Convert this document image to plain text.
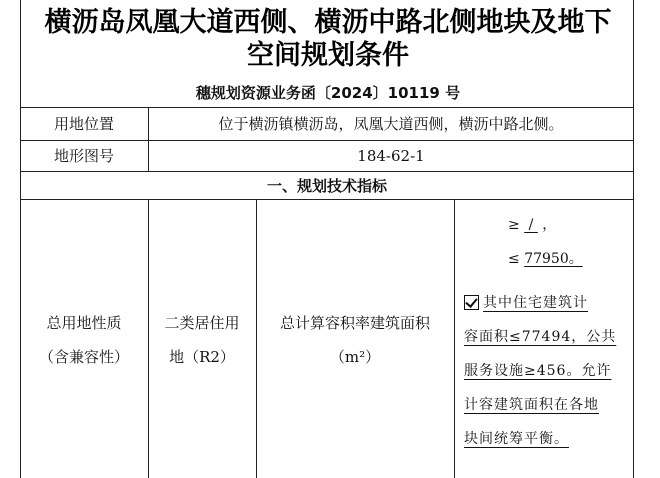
横沥岛凤凰大道西侧、横沥中路北侧地块及地下
空间规划条件
穗规划资源业务函〔2024〕10119 号
用地位置	位于横沥镇横沥岛，凤凰大道西侧，横沥中路北侧。
地形图号	184-62-1
一、规划技术指标
总用地性质
（含兼容性）
二类居住用
地（R2）
总计算容积率建筑面积
（m²）
≥  /  ，
≤ 77950。

其中住宅建筑计

容面积≤77494，公共

服务设施≥456。允许

计容建筑面积在各地

块间统筹平衡。
